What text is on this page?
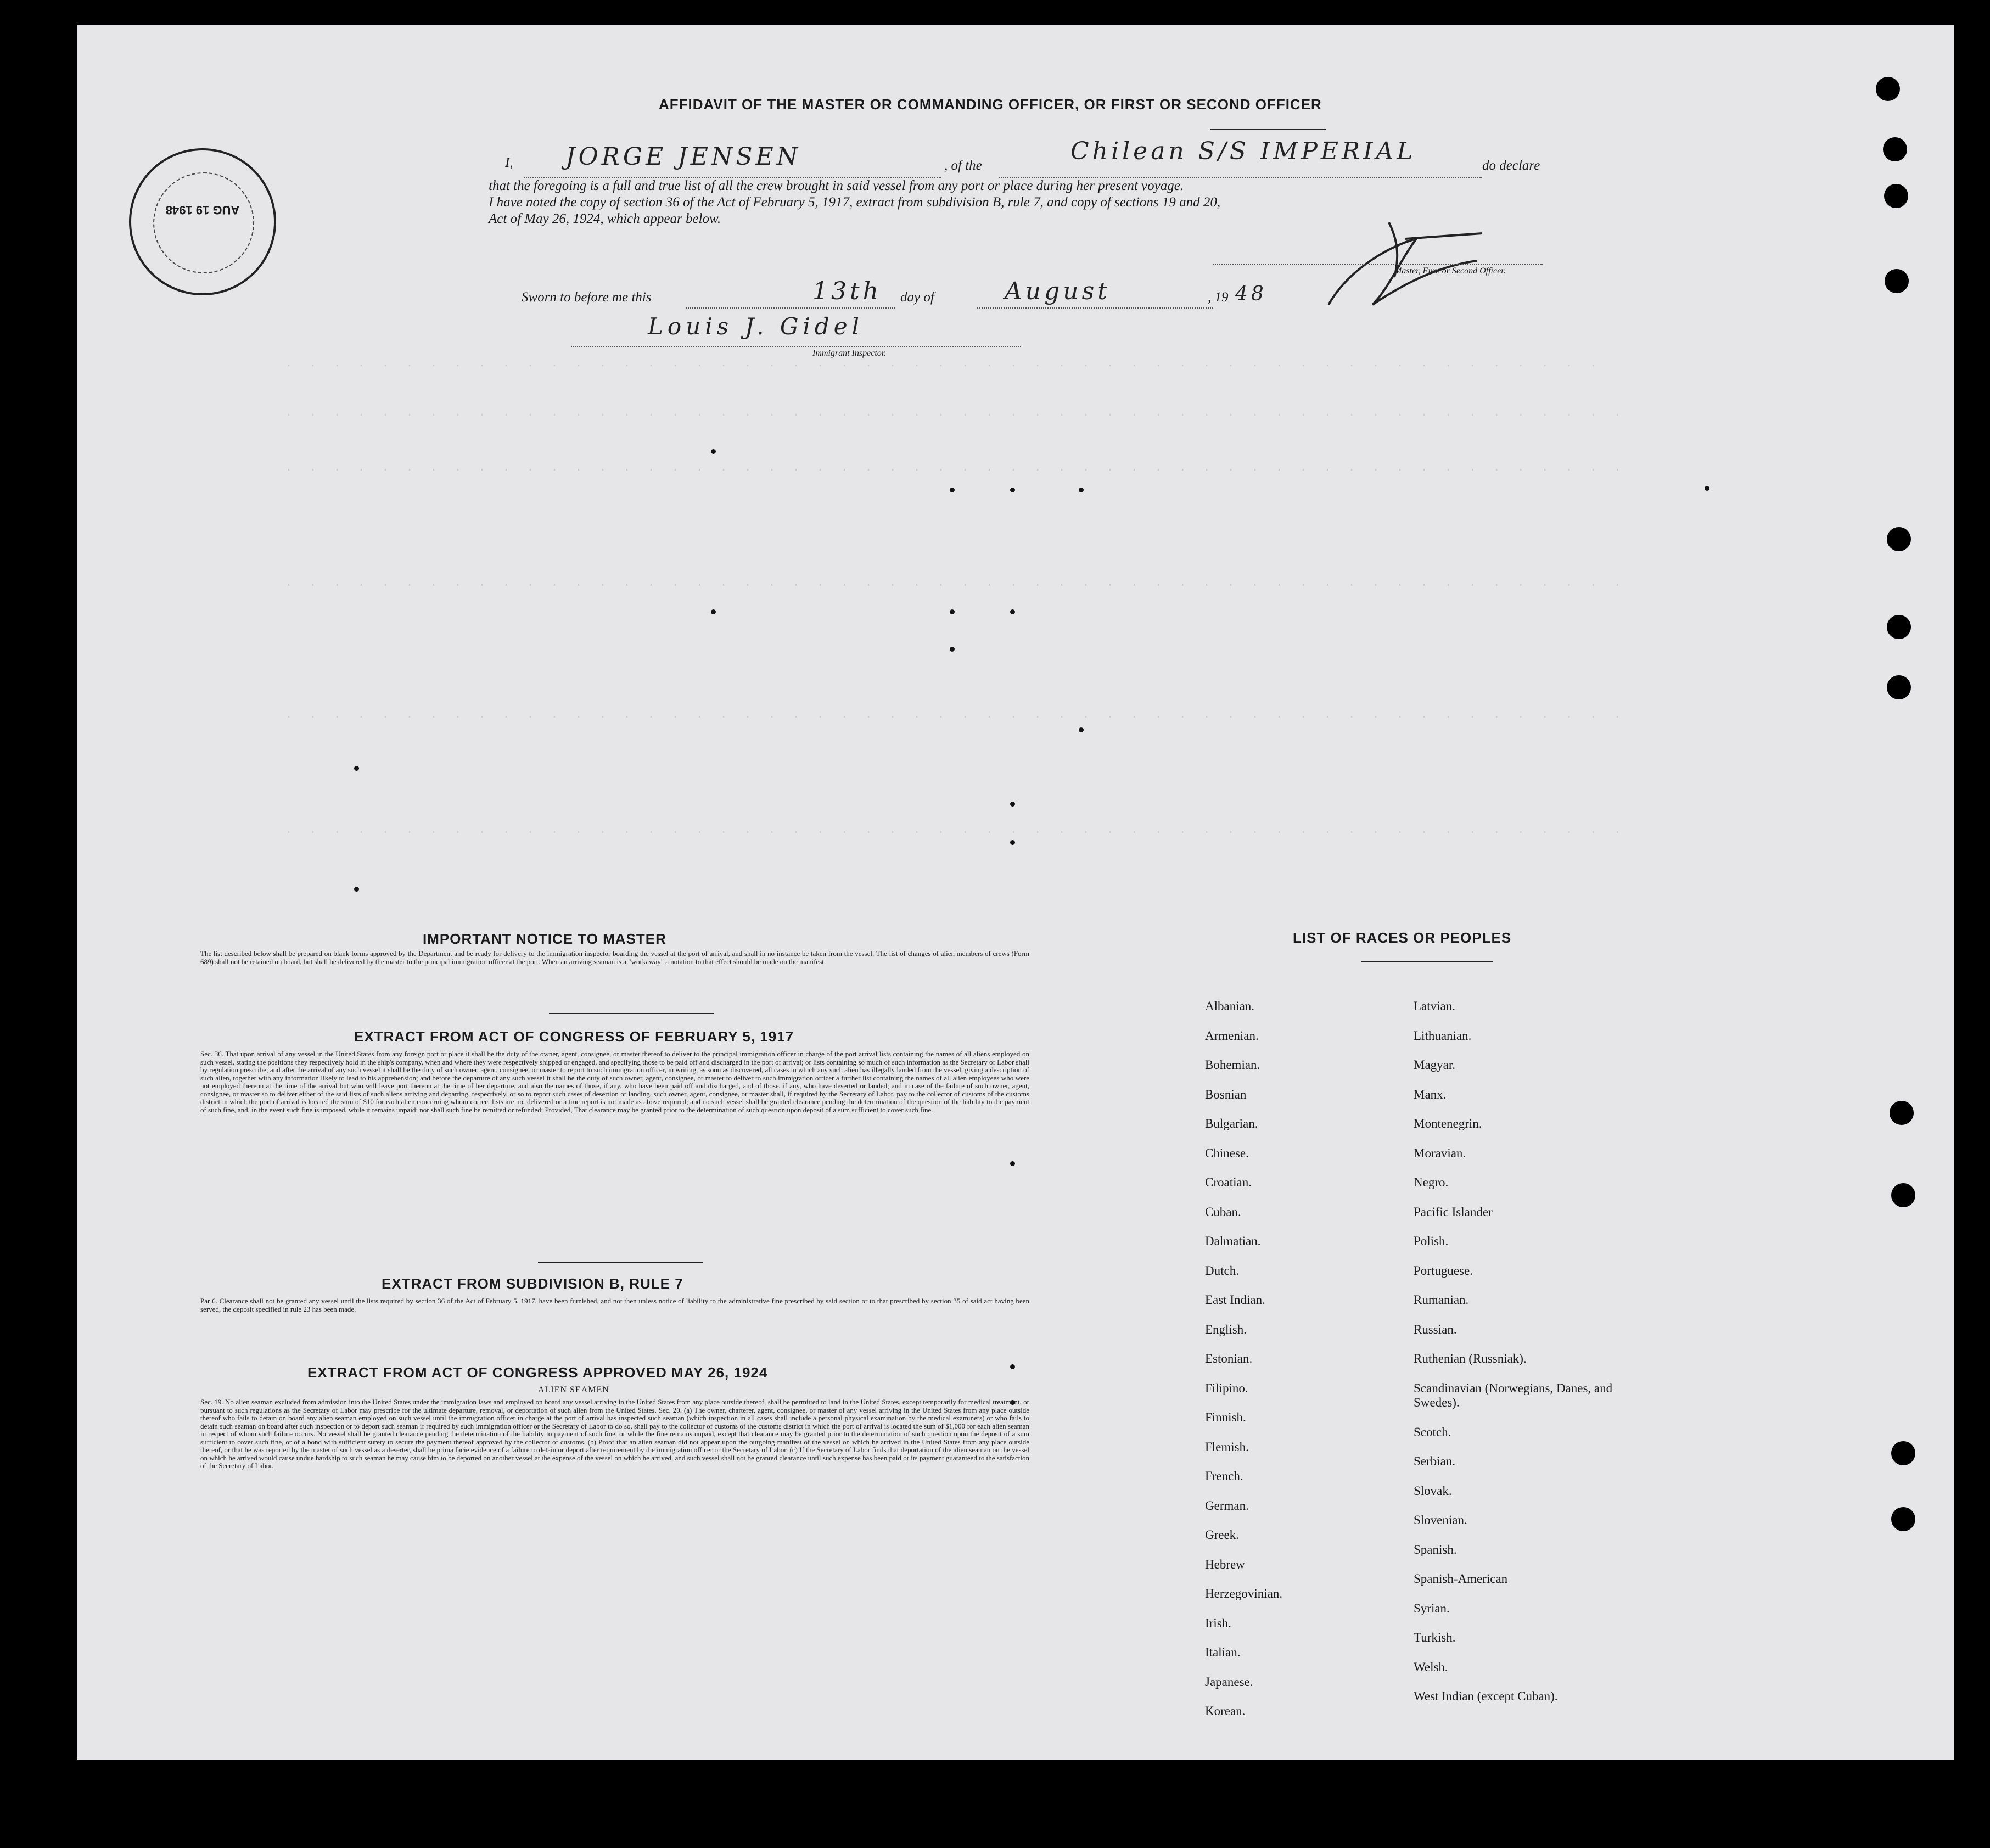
AUG 19 1948
AFFIDAVIT OF THE MASTER OR COMMANDING OFFICER, OR FIRST OR SECOND OFFICER
I, JORGE JENSEN	, of the
Chilean S/S IMPERIAL
do declare
that the foregoing is a full and true list of all the crew brought in said vessel from any port or place during her present voyage.
I have noted the copy of section 36 of the Act of February 5, 1917, extract from subdivision B, rule 7, and copy of sections 19 and 20,
Act of May 26, 1924, which appear below.
Master, First or Second Officer.
Sworn to before me this	13th day of	August	, 19 48
Louis J. Gidel
Immigrant Inspector.
· · · · · · · · · · · · · · · · · · · · · · · · · · · · · · · · · · · · · · · · · · · · · · · · · · · · · · ·
· · · · · · · · · · · · · · · · · · · · · · · · · · · · · · · · · · · · · · · · · · · · · · · · · · · · · · · ·
· · · · · · · · · · · · · · · · · · · · · · · · · · · · · · · · · · · · · · · · · · · · · · · · · · · · · · · ·
· · · · · · · · · · · · · · · · · · · · · · · · · · · · · · · · · · · · · · · · · · · · · · · · · · · · · · · ·
· · · · · · · · · · · · · · · · · · · · · · · · · · · · · · · · · · · · · · · · · · · · · · · · · · · · · · · ·
· · · · · · · · · · · · · · · · · · · · · · · · · · · · · · · · · · · · · · · · · · · · · · · · · · · · · · · ·
IMPORTANT NOTICE TO MASTER
The list described below shall be prepared on blank forms approved by the Department and be ready for delivery to the immigration inspector boarding the vessel at the port of arrival, and shall in no instance be taken from the vessel. The list of changes of alien members of crews (Form 689) shall not be retained on board, but shall be delivered by the master to the principal immigration officer at the port. When an arriving seaman is a "workaway" a notation to that effect should be made on the manifest.
EXTRACT FROM ACT OF CONGRESS OF FEBRUARY 5, 1917
Sec. 36. That upon arrival of any vessel in the United States from any foreign port or place it shall be the duty of the owner, agent, consignee, or master thereof to deliver to the principal immigration officer in charge of the port arrival lists containing the names of all aliens employed on such vessel, stating the positions they respectively hold in the ship's company, when and where they were respectively shipped or engaged, and specifying those to be paid off and discharged in the port of arrival; or lists containing so much of such information as the Secretary of Labor shall by regulation prescribe; and after the arrival of any such vessel it shall be the duty of such owner, agent, consignee, or master to report to such immigration officer, in writing, as soon as discovered, all cases in which any such alien has illegally landed from the vessel, giving a description of such alien, together with any information likely to lead to his apprehension; and before the departure of any such vessel it shall be the duty of such owner, agent, consignee, or master to deliver to such immigration officer a further list containing the names of all alien employees who were not employed thereon at the time of the arrival but who will leave port thereon at the time of her departure, and also the names of those, if any, who have been paid off and discharged, and of those, if any, who have deserted or landed; and in case of the failure of such owner, agent, consignee, or master so to deliver either of the said lists of such aliens arriving and departing, respectively, or so to report such cases of desertion or landing, such owner, agent, consignee, or master shall, if required by the Secretary of Labor, pay to the collector of customs of the customs district in which the port of arrival is located the sum of $10 for each alien concerning whom correct lists are not delivered or a true report is not made as above required; and no such vessel shall be granted clearance pending the determination of the question of the liability to the payment of such fine, and, in the event such fine is imposed, while it remains unpaid; nor shall such fine be remitted or refunded: Provided, That clearance may be granted prior to the determination of such question upon deposit of a sum sufficient to cover such fine.
EXTRACT FROM SUBDIVISION B, RULE 7
Par 6. Clearance shall not be granted any vessel until the lists required by section 36 of the Act of February 5, 1917, have been furnished, and not then unless notice of liability to the administrative fine prescribed by said section or to that prescribed by section 35 of said act having been served, the deposit specified in rule 23 has been made.
EXTRACT FROM ACT OF CONGRESS APPROVED MAY 26, 1924
ALIEN SEAMEN
Sec. 19. No alien seaman excluded from admission into the United States under the immigration laws and employed on board any vessel arriving in the United States from any place outside thereof, shall be permitted to land in the United States, except temporarily for medical treatment, or pursuant to such regulations as the Secretary of Labor may prescribe for the ultimate departure, removal, or deportation of such alien from the United States. Sec. 20. (a) The owner, charterer, agent, consignee, or master of any vessel arriving in the United States from any place outside thereof who fails to detain on board any alien seaman employed on such vessel until the immigration officer in charge at the port of arrival has inspected such seaman (which inspection in all cases shall include a personal physical examination by the medical examiners) or who fails to detain such seaman on board after such inspection or to deport such seaman if required by such immigration officer or the Secretary of Labor to do so, shall pay to the collector of customs of the customs district in which the port of arrival is located the sum of $1,000 for each alien seaman in respect of whom such failure occurs. No vessel shall be granted clearance pending the determination of the liability to payment of such fine, or while the fine remains unpaid, except that clearance may be granted prior to the determination of such question upon the deposit of a sum sufficient to cover such fine, or of a bond with sufficient surety to secure the payment thereof approved by the collector of customs. (b) Proof that an alien seaman did not appear upon the outgoing manifest of the vessel on which he arrived in the United States from any place outside thereof, or that he was reported by the master of such vessel as a deserter, shall be prima facie evidence of a failure to detain or deport after requirement by the immigration officer or the Secretary of Labor. (c) If the Secretary of Labor finds that deportation of the alien seaman on the vessel on which he arrived would cause undue hardship to such seaman he may cause him to be deported on another vessel at the expense of the vessel on which he arrived, and such vessel shall not be granted clearance until such expense has been paid or its payment guaranteed to the satisfaction of the Secretary of Labor.
LIST OF RACES OR PEOPLES
Albanian.
Armenian.
Bohemian.
Bosnian
Bulgarian.
Chinese.
Croatian.
Cuban.
Dalmatian.
Dutch.
East Indian.
English.
Estonian.
Filipino.
Finnish.
Flemish.
French.
German.
Greek.
Hebrew
Herzegovinian.
Irish.
Italian.
Japanese.
Korean.
Latvian.
Lithuanian.
Magyar.
Manx.
Montenegrin.
Moravian.
Negro.
Pacific Islander
Polish.
Portuguese.
Rumanian.
Russian.
Ruthenian (Russniak).
Scandinavian (Norwegians, Danes, and Swedes).
Scotch.
Serbian.
Slovak.
Slovenian.
Spanish.
Spanish-American
Syrian.
Turkish.
Welsh.
West Indian (except Cuban).
